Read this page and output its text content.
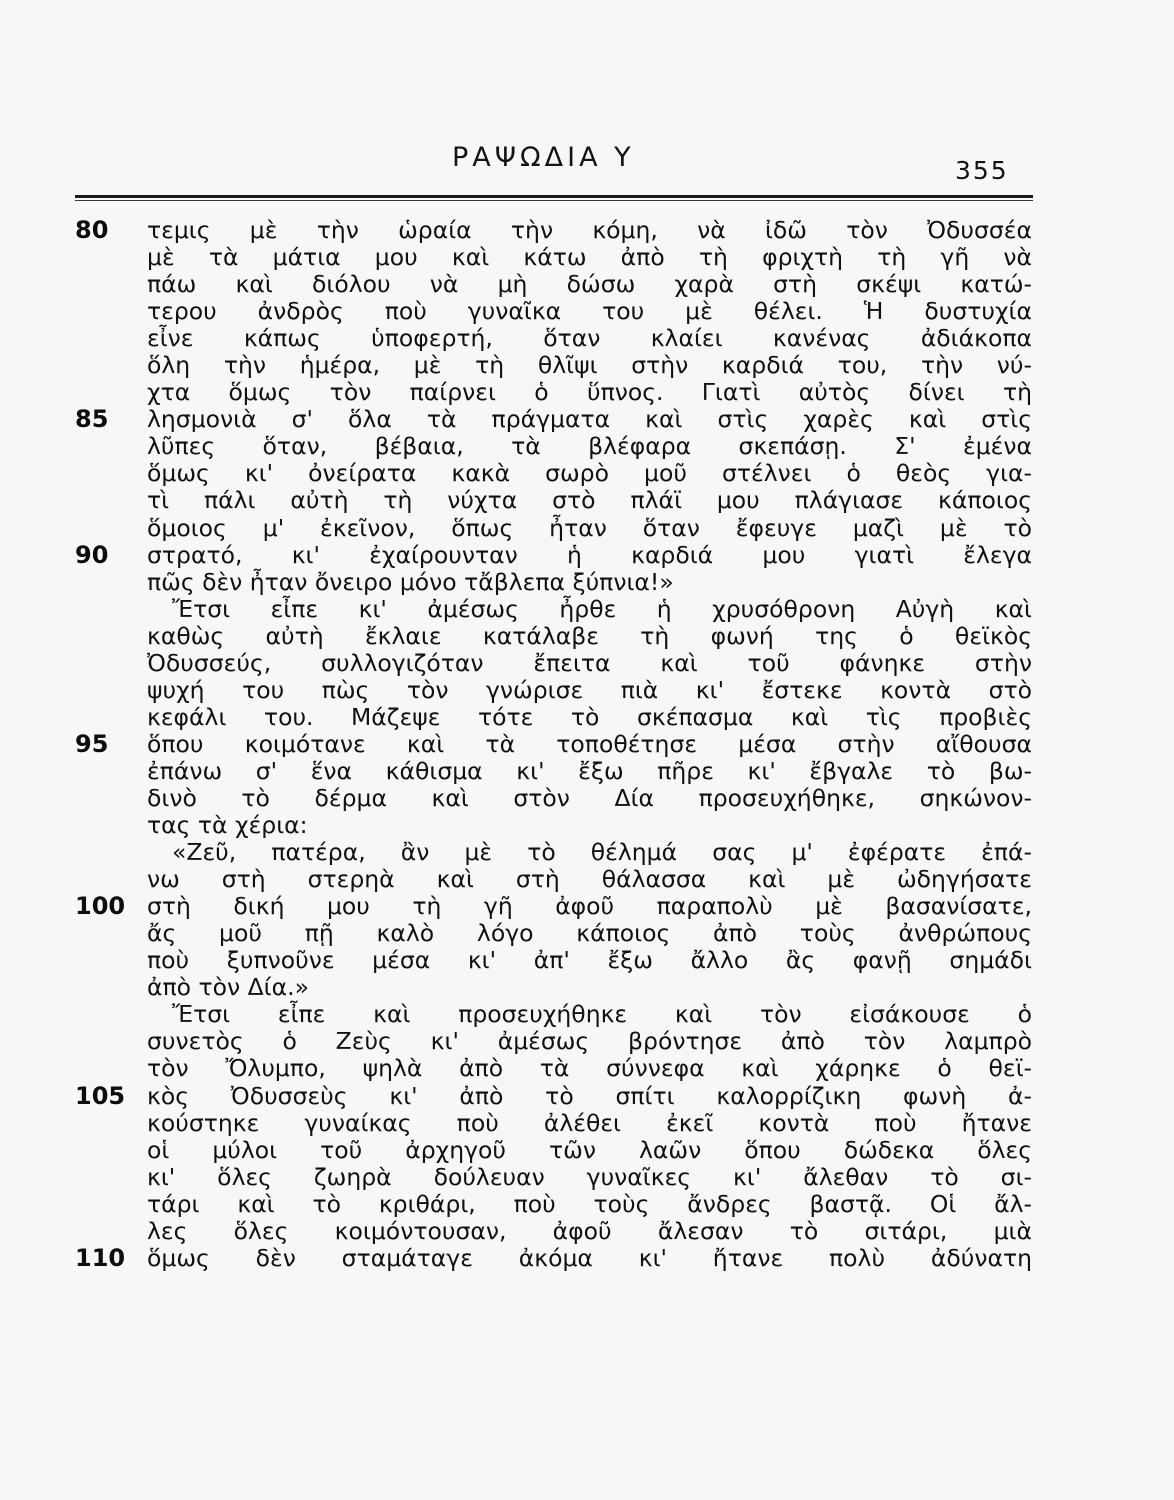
ΡΑΨΩΔΙΑ Υ	355
80	τεμις μὲ τὴν ὡραία τὴν κόμη, νὰ ἰδῶ τὸν Ὀδυσσέα
μὲ τὰ μάτια μου καὶ κάτω ἀπὸ τὴ φριχτὴ τὴ γῆ νὰ
πάω καὶ διόλου νὰ μὴ δώσω χαρὰ στὴ σκέψι κατώ-
τερου ἀνδρὸς ποὺ γυναῖκα του μὲ θέλει. Ἡ δυστυχία
εἶνε κάπως ὑποφερτή, ὅταν κλαίει κανένας ἀδιάκοπα
ὅλη τὴν ἡμέρα, μὲ τὴ θλῖψι στὴν καρδιά του, τὴν νύ-
χτα ὅμως τὸν παίρνει ὁ ὕπνος. Γιατὶ αὐτὸς δίνει τὴ
85	λησμονιὰ σ' ὅλα τὰ πράγματα καὶ στὶς χαρὲς καὶ στὶς
λῦπες ὅταν, βέβαια, τὰ βλέφαρα σκεπάσῃ. Σ' ἐμένα
ὅμως κι' ὀνείρατα κακὰ σωρὸ μοῦ στέλνει ὁ θεὸς για-
τὶ πάλι αὐτὴ τὴ νύχτα στὸ πλάϊ μου πλάγιασε κάποιος
ὅμοιος μ' ἐκεῖνον, ὅπως ἦταν ὅταν ἔφευγε μαζὶ μὲ τὸ
90	στρατό, κι' ἐχαίρουνταν ἡ καρδιά μου γιατὶ ἔλεγα
πῶς δὲν ἦταν ὄνειρο μόνο τἄβλεπα ξύπνια!»
Ἔτσι εἶπε κι' ἀμέσως ἦρθε ἡ χρυσόθρονη Αὐγὴ καὶ
καθὼς αὐτὴ ἔκλαιε κατάλαβε τὴ φωνή της ὁ θεϊκὸς
Ὀδυσσεύς, συλλογιζόταν ἔπειτα καὶ τοῦ φάνηκε στὴν
ψυχή του πὼς τὸν γνώρισε πιὰ κι' ἔστεκε κοντὰ στὸ
κεφάλι του. Μάζεψε τότε τὸ σκέπασμα καὶ τὶς προβιὲς
95	ὅπου κοιμότανε καὶ τὰ τοποθέτησε μέσα στὴν αἴθουσα
ἐπάνω σ' ἕνα κάθισμα κι' ἔξω πῆρε κι' ἔβγαλε τὸ βω-
δινὸ τὸ δέρμα καὶ στὸν Δία προσευχήθηκε, σηκώνον-
τας τὰ χέρια:
«Ζεῦ, πατέρα, ἂν μὲ τὸ θέλημά σας μ' ἐφέρατε ἐπά-
νω στὴ στερηὰ καὶ στὴ θάλασσα καὶ μὲ ὠδηγήσατε
100 στὴ δική μου τὴ γῆ ἀφοῦ παραπολὺ μὲ βασανίσατε,
ἄς μοῦ πῇ καλὸ λόγο κάποιος ἀπὸ τοὺς ἀνθρώπους
ποὺ ξυπνοῦνε μέσα κι' ἀπ' ἔξω ἄλλο ἂς φανῇ σημάδι
ἀπὸ τὸν Δία.»
Ἔτσι εἶπε καὶ προσευχήθηκε καὶ τὸν εἰσάκουσε ὁ
συνετὸς ὁ Ζεὺς κι' ἀμέσως βρόντησε ἀπὸ τὸν λαμπρὸ
τὸν Ὄλυμπο, ψηλὰ ἀπὸ τὰ σύννεφα καὶ χάρηκε ὁ θεϊ-
105 κὸς Ὀδυσσεὺς κι' ἀπὸ τὸ σπίτι καλορρίζικη φωνὴ ἀ-
κούστηκε γυναίκας ποὺ ἀλέθει ἐκεῖ κοντὰ ποὺ ἤτανε
οἱ μύλοι τοῦ ἀρχηγοῦ τῶν λαῶν ὅπου δώδεκα ὅλες
κι' ὅλες ζωηρὰ δούλευαν γυναῖκες κι' ἄλεθαν τὸ σι-
τάρι καὶ τὸ κριθάρι, ποὺ τοὺς ἄνδρες βαστᾷ. Οἱ ἄλ-
λες ὅλες κοιμόντουσαν, ἀφοῦ ἄλεσαν τὸ σιτάρι, μιὰ
110 ὅμως δὲν σταμάταγε ἀκόμα κι' ἤτανε πολὺ ἀδύνατη
